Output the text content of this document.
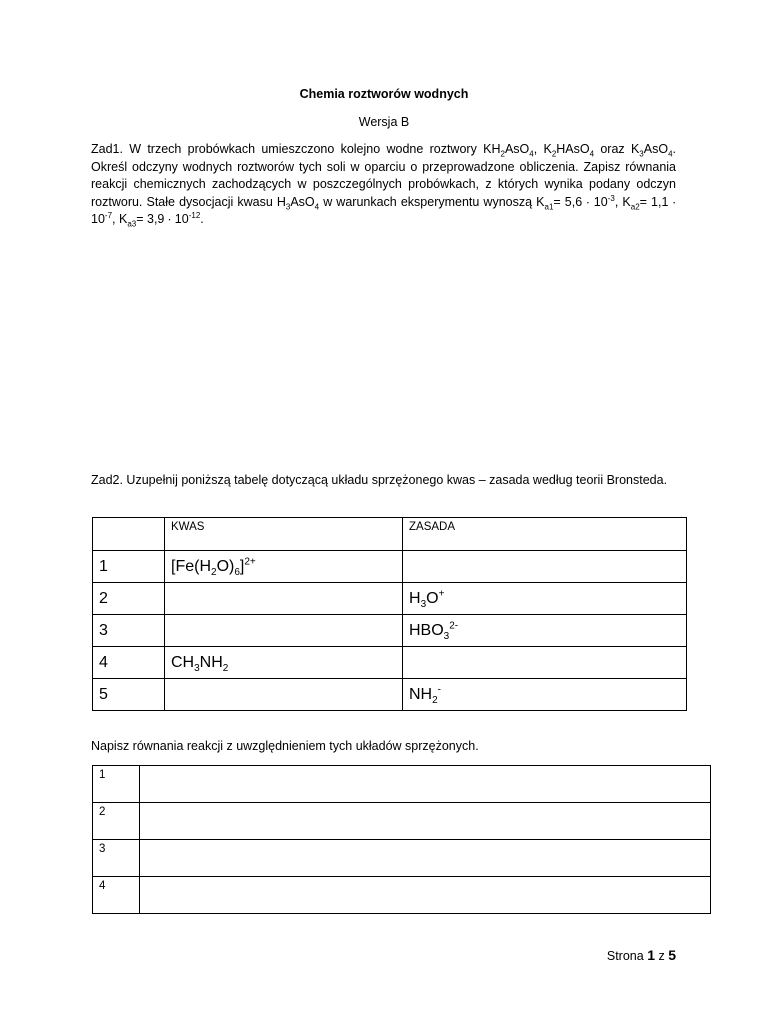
Chemia roztworów wodnych
Wersja B
Zad1. W trzech probówkach umieszczono kolejno wodne roztwory $KH_2AsO_4$, $K_2HAsO_4$ oraz $K_3AsO_4$. Określ odczyny wodnych roztworów tych soli w oparciu o przeprowadzone obliczenia. Zapisz równania reakcji chemicznych zachodzących w poszczególnych probówkach, z których wynika podany odczyn roztworu. Stałe dysocjacji kwasu $H_3AsO_4$ w warunkach eksperymentu wynoszą $K_{a1}= 5,6 \cdot 10^{-3}$, $K_{a2}= 1,1 \cdot 10^{-7}$, $K_{a3}= 3,9 \cdot 10^{-12}$.
Zad2. Uzupełnij poniższą tabelę dotyczącą układu sprzężonego kwas – zasada według teorii Bronsteda.
	KWAS	ZASADA
1	$[Fe(H_2O)_6]^{2+}$	
2		$H_3O^+$
3		$HBO_3^{2-}$
4	$CH_3NH_2$	
5		$NH_2^-$
Napisz równania reakcji z uwzględnieniem tych układów sprzężonych.
1	
2	
3	
4	
Strona 1 z 5
